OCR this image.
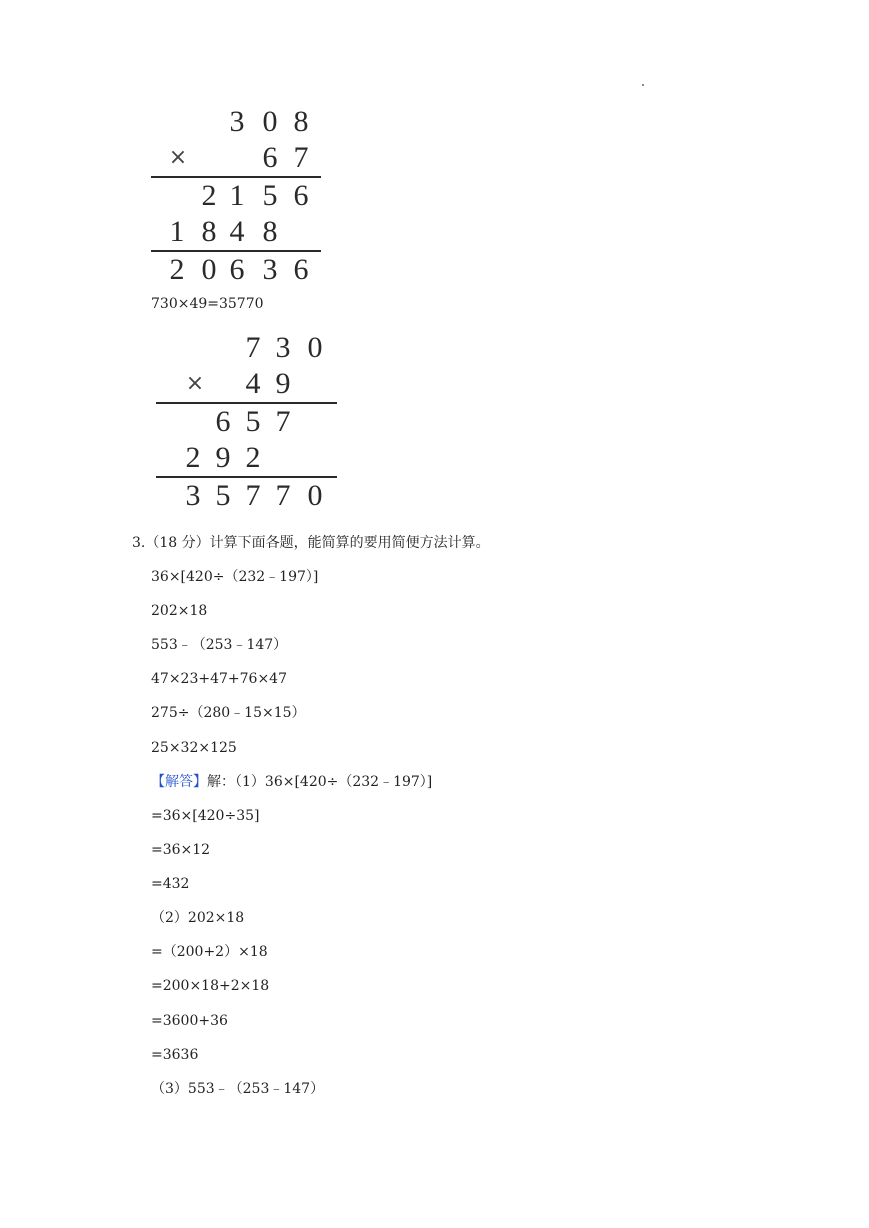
3 0 8
×	6 7
2 1 5 6
1 8 4 8
2 0 6 3 6
730×49=35770
7 3 0
× 4 9
6 5 7
2 9 2
3 5 7 7 0
3.（18 分）计算下面各题，能简算的要用简便方法计算。
36×[420÷（232﹣197）]
202×18
553﹣（253﹣147）
47×23+47+76×47
275÷（280﹣15×15）
25×32×125
【解答】解：（1）36×[420÷（232﹣197）]
=36×[420÷35]
=36×12
=432
（2）202×18
=（200+2）×18
=200×18+2×18
=3600+36
=3636
（3）553﹣（253﹣147）
